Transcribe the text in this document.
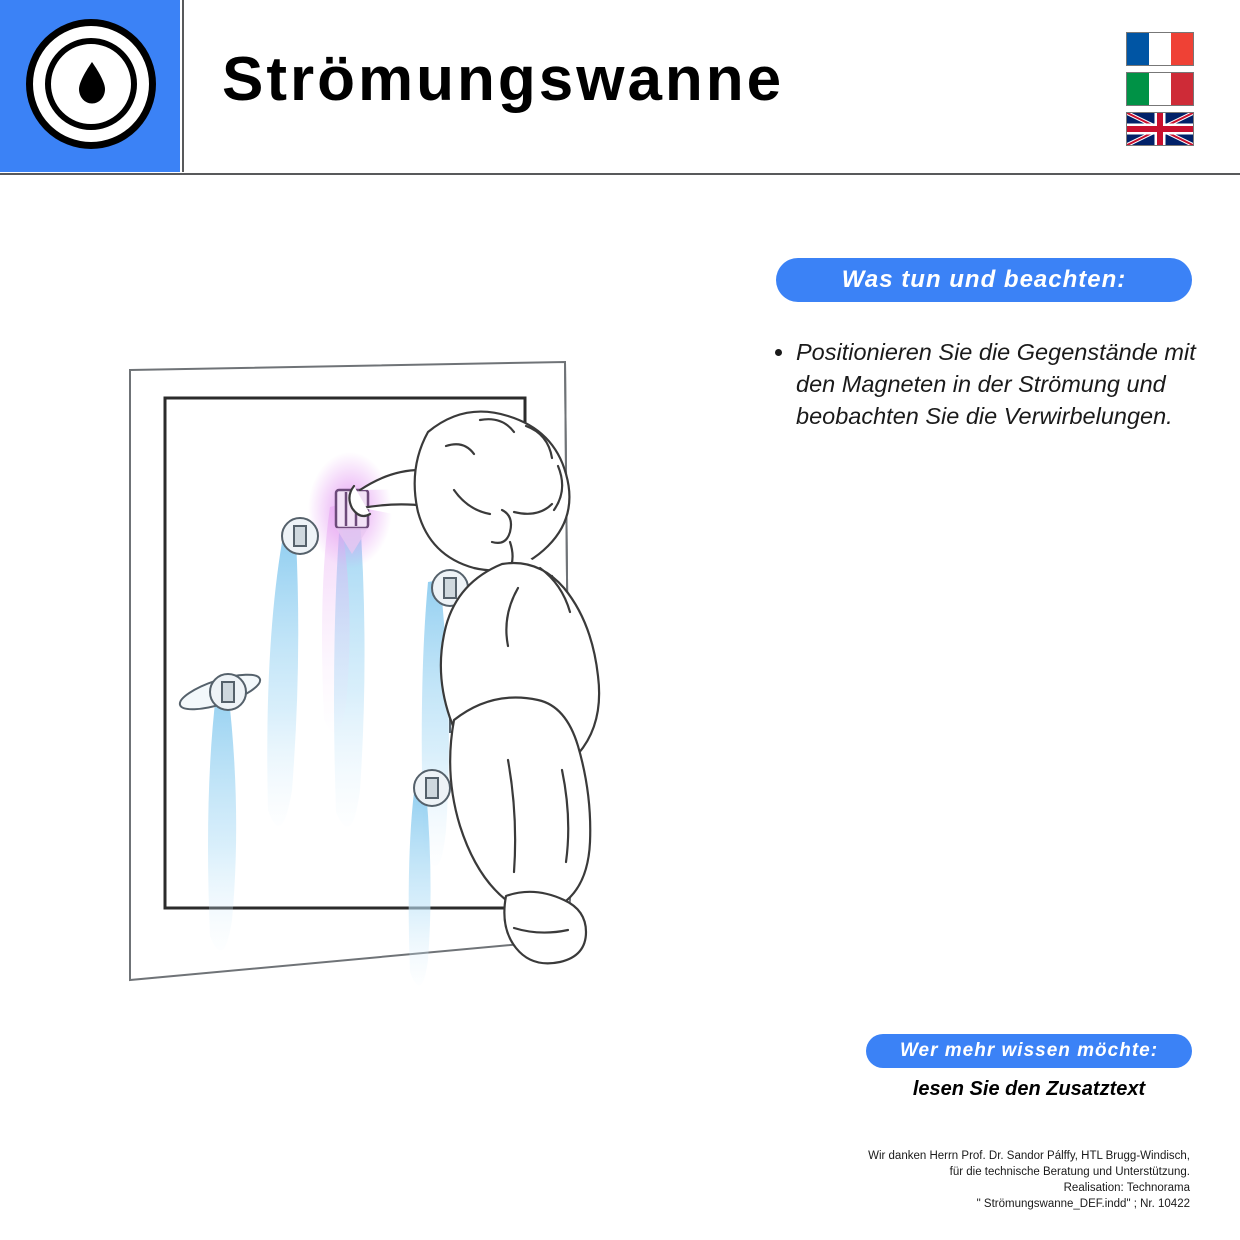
Strömungswanne
Was tun und beachten:
• Positionieren Sie die Gegenstände mit den Magneten in der Strömung und beobachten Sie die Verwirbelungen.
Wer mehr wissen möchte:
lesen Sie den Zusatztext
Wir danken Herrn Prof. Dr. Sandor Pálffy, HTL Brugg-Windisch,
für die technische Beratung und Unterstützung.
Realisation: Technorama
" Strömungswanne_DEF.indd" ; Nr. 10422
